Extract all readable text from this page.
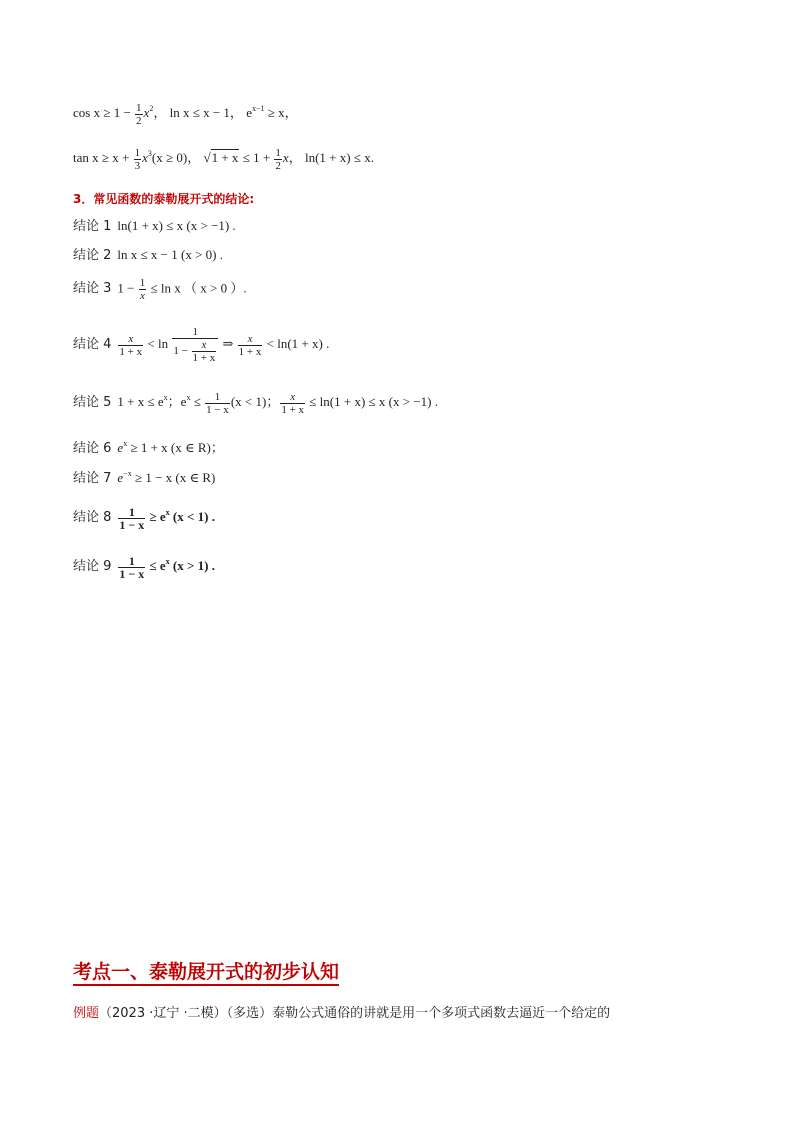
$\cos x \ge 1 - \frac{1}{2} x^2$， ln x ≤ x − 1， $e^{x-1} \ge x$，
$\tan x \ge x + \frac{1}{3} x^3(x \ge 0)$， $√1 + x \le 1 + \frac{1}{2}$ x， ln(1 + x) ≤ x.
3．常见函数的泰勒展开式的结论:
结论 1 ln(1 + x) ≤ x (x > −1) .
结论 2 ln x ≤ x − 1 (x > 0) .
结论 3 $1 - \frac{1}{x} \le \ln x$ （ x > 0 ）.
结论 $4 \frac{x}{1 + x} < \ln \frac{1}{1 - \frac{x}{1 + x}}$ ⇒ $\frac{x}{1 + x} < \ln(1 + x)$ .
结论 5 $1 + x \le e^x$；$e^x \le \frac{1}{1 - x} (x < 1)$； $\frac{x}{1 + x} \le \ln(1 + x) \le x$ (x > −1) .
结论 6 $e^x \ge 1 + x$ (x ∈ R)；
结论 7 $e^{-x} \ge 1 - x$ (x ∈ R)
结论 $8 \frac{1}{1 - x} \ge e^x$ (x < 1) .
结论 $9 \frac{1}{1 - x} \le e^x$ (x > 1) .
考点一、泰勒展开式的初步认知
例题（2023 ·辽宁 ·二模）（多选）泰勒公式通俗的讲就是用一个多项式函数去逼近一个给定的
